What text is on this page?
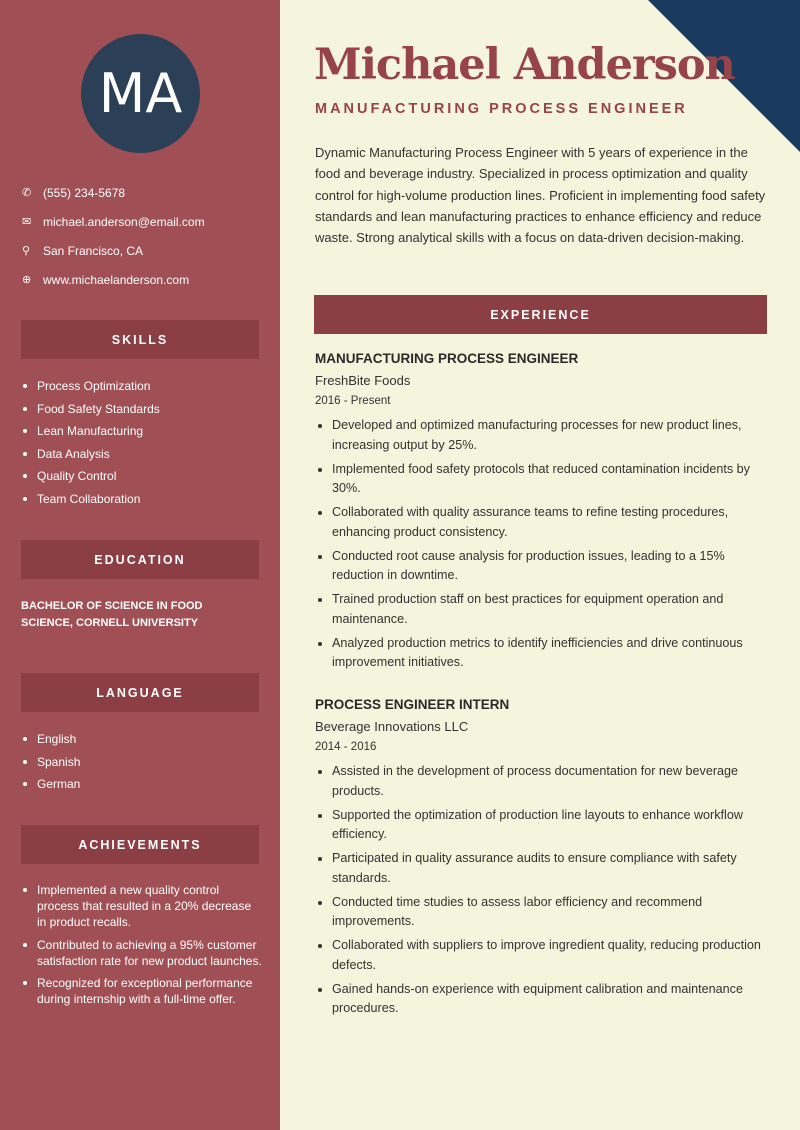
MA
✆ (555) 234-5678
✉ michael.anderson@email.com
⚲	San Francisco, CA
⊕ www.michaelanderson.com
SKILLS
Process Optimization
Food Safety Standards
Lean Manufacturing
Data Analysis
Quality Control
Team Collaboration
EDUCATION
BACHELOR OF SCIENCE IN FOOD SCIENCE, CORNELL UNIVERSITY
LANGUAGE
English
Spanish
German
ACHIEVEMENTS
Implemented a new quality control process that resulted in a 20% decrease in product recalls.
Contributed to achieving a 95% customer satisfaction rate for new product launches.
Recognized for exceptional performance during internship with a full-time offer.
Michael Anderson
MANUFACTURING PROCESS ENGINEER
Dynamic Manufacturing Process Engineer with 5 years of experience in the food and beverage industry. Specialized in process optimization and quality control for high-volume production lines. Proficient in implementing food safety standards and lean manufacturing practices to enhance efficiency and reduce waste. Strong analytical skills with a focus on data-driven decision-making.
EXPERIENCE
MANUFACTURING PROCESS ENGINEER
FreshBite Foods
2016 - Present
Developed and optimized manufacturing processes for new product lines, increasing output by 25%.
Implemented food safety protocols that reduced contamination incidents by 30%.
Collaborated with quality assurance teams to refine testing procedures, enhancing product consistency.
Conducted root cause analysis for production issues, leading to a 15% reduction in downtime.
Trained production staff on best practices for equipment operation and maintenance.
Analyzed production metrics to identify inefficiencies and drive continuous improvement initiatives.
PROCESS ENGINEER INTERN
Beverage Innovations LLC
2014 - 2016
Assisted in the development of process documentation for new beverage products.
Supported the optimization of production line layouts to enhance workflow efficiency.
Participated in quality assurance audits to ensure compliance with safety standards.
Conducted time studies to assess labor efficiency and recommend improvements.
Collaborated with suppliers to improve ingredient quality, reducing production defects.
Gained hands-on experience with equipment calibration and maintenance procedures.
